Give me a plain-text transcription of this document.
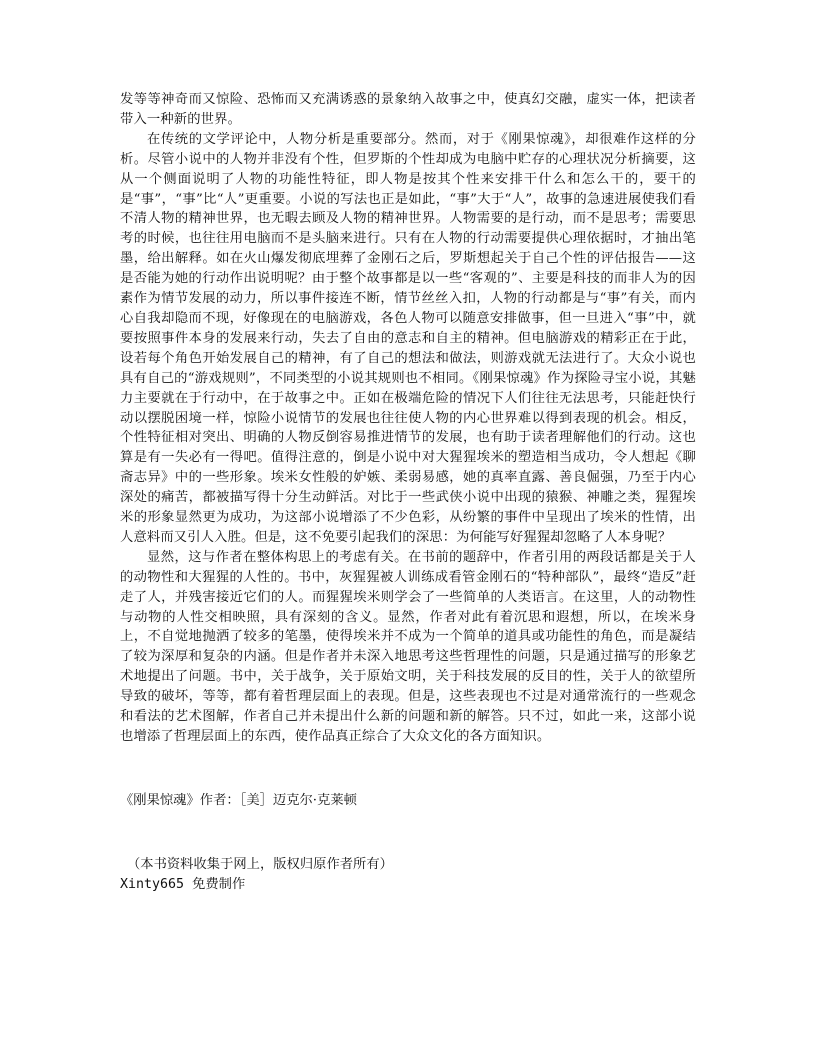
发等等神奇而又惊险、恐怖而又充满诱惑的景象纳入故事之中，使真幻交融，虚实一体，把读者带入一种新的世界。

在传统的文学评论中，人物分析是重要部分。然而，对于《刚果惊魂》，却很难作这样的分析。尽管小说中的人物并非没有个性，但罗斯的个性却成为电脑中贮存的心理状况分析摘要，这从一个侧面说明了人物的功能性特征，即人物是按其个性来安排干什么和怎么干的，要干的是“事”，“事”比“人”更重要。小说的写法也正是如此，“事”大于“人”，故事的急速进展使我们看不清人物的精神世界，也无暇去顾及人物的精神世界。人物需要的是行动，而不是思考；需要思考的时候，也往往用电脑而不是头脑来进行。只有在人物的行动需要提供心理依据时，才抽出笔墨，给出解释。如在火山爆发彻底埋葬了金刚石之后，罗斯想起关于自己个性的评估报告——这是否能为她的行动作出说明呢？由于整个故事都是以一些“客观的”、主要是科技的而非人为的因素作为情节发展的动力，所以事件接连不断，情节丝丝入扣，人物的行动都是与“事”有关，而内心自我却隐而不现，好像现在的电脑游戏，各色人物可以随意安排做事，但一旦进入“事”中，就要按照事件本身的发展来行动，失去了自由的意志和自主的精神。但电脑游戏的精彩正在于此，设若每个角色开始发展自己的精神，有了自己的想法和做法，则游戏就无法进行了。大众小说也具有自己的“游戏规则”，不同类型的小说其规则也不相同。《刚果惊魂》作为探险寻宝小说，其魅力主要就在于行动中，在于故事之中。正如在极端危险的情况下人们往往无法思考，只能赶快行动以摆脱困境一样，惊险小说情节的发展也往往使人物的内心世界难以得到表现的机会。相反，个性特征相对突出、明确的人物反倒容易推进情节的发展，也有助于读者理解他们的行动。这也算是有一失必有一得吧。值得注意的，倒是小说中对大猩猩埃米的塑造相当成功，令人想起《聊斋志异》中的一些形象。埃米女性般的妒嫉、柔弱易感，她的真率直露、善良倔强，乃至于内心深处的痛苦，都被描写得十分生动鲜活。对比于一些武侠小说中出现的猿猴、神雕之类，猩猩埃米的形象显然更为成功，为这部小说增添了不少色彩，从纷繁的事件中呈现出了埃米的性情，出人意料而又引人入胜。但是，这不免要引起我们的深思：为何能写好猩猩却忽略了人本身呢？

显然，这与作者在整体构思上的考虑有关。在书前的题辞中，作者引用的两段话都是关于人的动物性和大猩猩的人性的。书中，灰猩猩被人训练成看管金刚石的“特种部队”，最终“造反”赶走了人，并残害接近它们的人。而猩猩埃米则学会了一些简单的人类语言。在这里，人的动物性与动物的人性交相映照，具有深刻的含义。显然，作者对此有着沉思和遐想，所以，在埃米身上，不自觉地抛洒了较多的笔墨，使得埃米并不成为一个简单的道具或功能性的角色，而是凝结了较为深厚和复杂的内涵。但是作者并未深入地思考这些哲理性的问题，只是通过描写的形象艺术地提出了问题。书中，关于战争，关于原始文明，关于科技发展的反目的性，关于人的欲望所导致的破坏，等等，都有着哲理层面上的表现。但是，这些表现也不过是对通常流行的一些观念和看法的艺术图解，作者自己并未提出什么新的问题和新的解答。只不过，如此一来，这部小说也增添了哲理层面上的东西，使作品真正综合了大众文化的各方面知识。

《刚果惊魂》作者：［美］迈克尔·克莱顿
（本书资料收集于网上，版权归原作者所有）
Xinty665 免费制作
